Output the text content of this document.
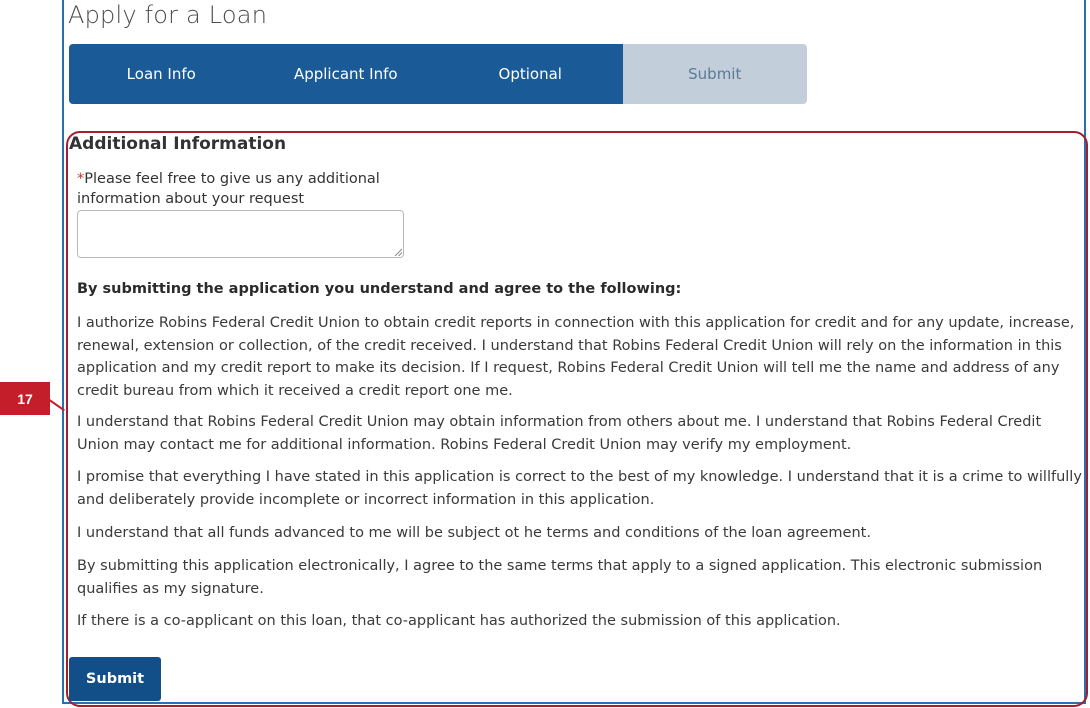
Apply for a Loan
Loan Info	Applicant Info	Optional	Submit
17
Additional Information
*Please feel free to give us any additional
information about your request
By submitting the application you understand and agree to the following:

I authorize Robins Federal Credit Union to obtain credit reports in connection with this application for credit and for any update, increase, renewal, extension or collection, of the credit received. I understand that Robins Federal Credit Union will rely on the information in this application and my credit report to make its decision. If I request, Robins Federal Credit Union will tell me the name and address of any credit bureau from which it received a credit report one me.

I understand that Robins Federal Credit Union may obtain information from others about me. I understand that Robins Federal Credit Union may contact me for additional information. Robins Federal Credit Union may verify my employment.

I promise that everything I have stated in this application is correct to the best of my knowledge. I understand that it is a crime to willfully and deliberately provide incomplete or incorrect information in this application.

I understand that all funds advanced to me will be subject ot he terms and conditions of the loan agreement.

By submitting this application electronically, I agree to the same terms that apply to a signed application. This electronic submission qualifies as my signature.

If there is a co-applicant on this loan, that co-applicant has authorized the submission of this application.

Submit
